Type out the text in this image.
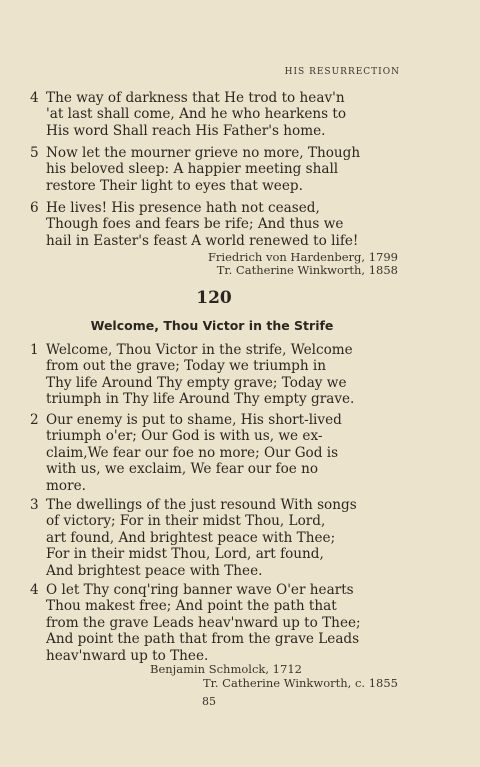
HIS RESURRECTION
4 The way of darkness that He trod to heav'n
'at last shall come, And he who hearkens to
His word Shall reach His Father's home.
5 Now let the mourner grieve no more, Though
his beloved sleep: A happier meeting shall
restore Their light to eyes that weep.
6 He lives! His presence hath not ceased,
Though foes and fears be rife; And thus we
hail in Easter's feast A world renewed to life!
Friedrich von Hardenberg, 1799
Tr. Catherine Winkworth, 1858
120
Welcome, Thou Victor in the Strife
1 Welcome, Thou Victor in the strife, Welcome
from out the grave; Today we triumph in
Thy life Around Thy empty grave; Today we
triumph in Thy life Around Thy empty grave.
2 Our enemy is put to shame, His short-lived
triumph o'er; Our God is with us, we ex-
claim,We fear our foe no more; Our God is
with us, we exclaim, We fear our foe no
more.
3 The dwellings of the just resound With songs
of victory; For in their midst Thou, Lord,
art found, And brightest peace with Thee;
For in their midst Thou, Lord, art found,
And brightest peace with Thee.
4 O let Thy conq'ring banner wave O'er hearts
Thou makest free; And point the path that
from the grave Leads heav'nward up to Thee;
And point the path that from the grave Leads
heav'nward up to Thee.
Benjamin Schmolck, 1712
Tr. Catherine Winkworth, c. 1855
85
